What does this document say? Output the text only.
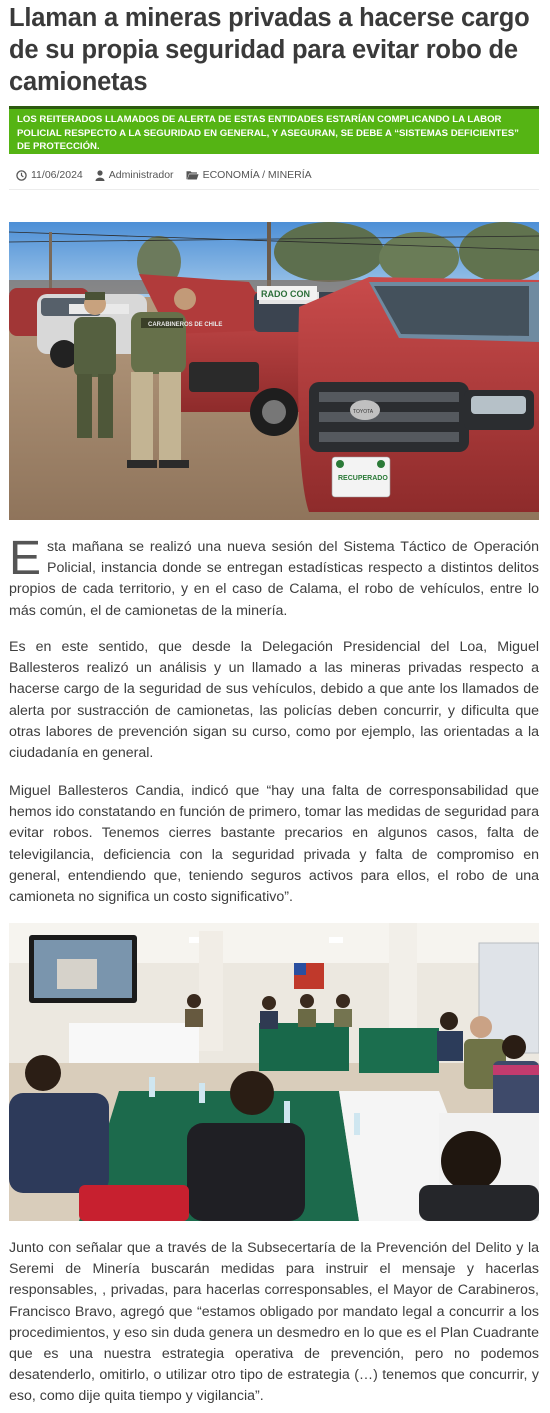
Llaman a mineras privadas a hacerse cargo de su propia seguridad para evitar robo de camionetas

LOS REITERADOS LLAMADOS DE ALERTA DE ESTAS ENTIDADES ESTARÍAN COMPLICANDO LA LABOR POLICIAL RESPECTO A LA SEGURIDAD EN GENERAL, Y ASEGURAN, SE DEBE A “SISTEMAS DEFICIENTES” DE PROTECCIÓN.

11/06/2024 Administrador	ECONOMÍA / MINERÍA
CARABINEROS DE CHILE
RADO CON
TOYOTA
RECUPERADO

Esta mañana se realizó una nueva sesión del Sistema Táctico de Operación Policial, instancia donde se entregan estadísticas respecto a distintos delitos propios de cada territorio, y en el caso de Calama, el robo de vehículos, entre lo más común, el de camionetas de la minería.

Es en este sentido, que desde la Delegación Presidencial del Loa, Miguel Ballesteros realizó un análisis y un llamado a las mineras privadas respecto a hacerse cargo de la seguridad de sus vehículos, debido a que ante los llamados de alerta por sustracción de camionetas, las policías deben concurrir, y dificulta que otras labores de prevención sigan su curso, como por ejemplo, las orientadas a la ciudadanía en general.

Miguel Ballesteros Candia, indicó que “hay una falta de corresponsabilidad que hemos ido constatando en función de primero, tomar las medidas de seguridad para evitar robos. Tenemos cierres bastante precarios en algunos casos, falta de televigilancia, deficiencia con la seguridad privada y falta de compromiso en general, entendiendo que, teniendo seguros activos para ellos, el robo de una camioneta no significa un costo significativo”.

Junto con señalar que a través de la Subsecertaría de la Prevención del Delito y la Seremi de Minería buscarán medidas para instruir el mensaje y hacerlas responsables, , privadas, para hacerlas corresponsables, el Mayor de Carabineros, Francisco Bravo, agregó que “estamos obligado por mandato legal a concurrir a los procedimientos, y eso sin duda genera un desmedro en lo que es el Plan Cuadrante que es una nuestra estrategia operativa de prevención, pero no podemos desatenderlo, omitirlo, o utilizar otro tipo de estrategia (…) tenemos que concurrir, y eso, como dije quita tiempo y vigilancia”.
